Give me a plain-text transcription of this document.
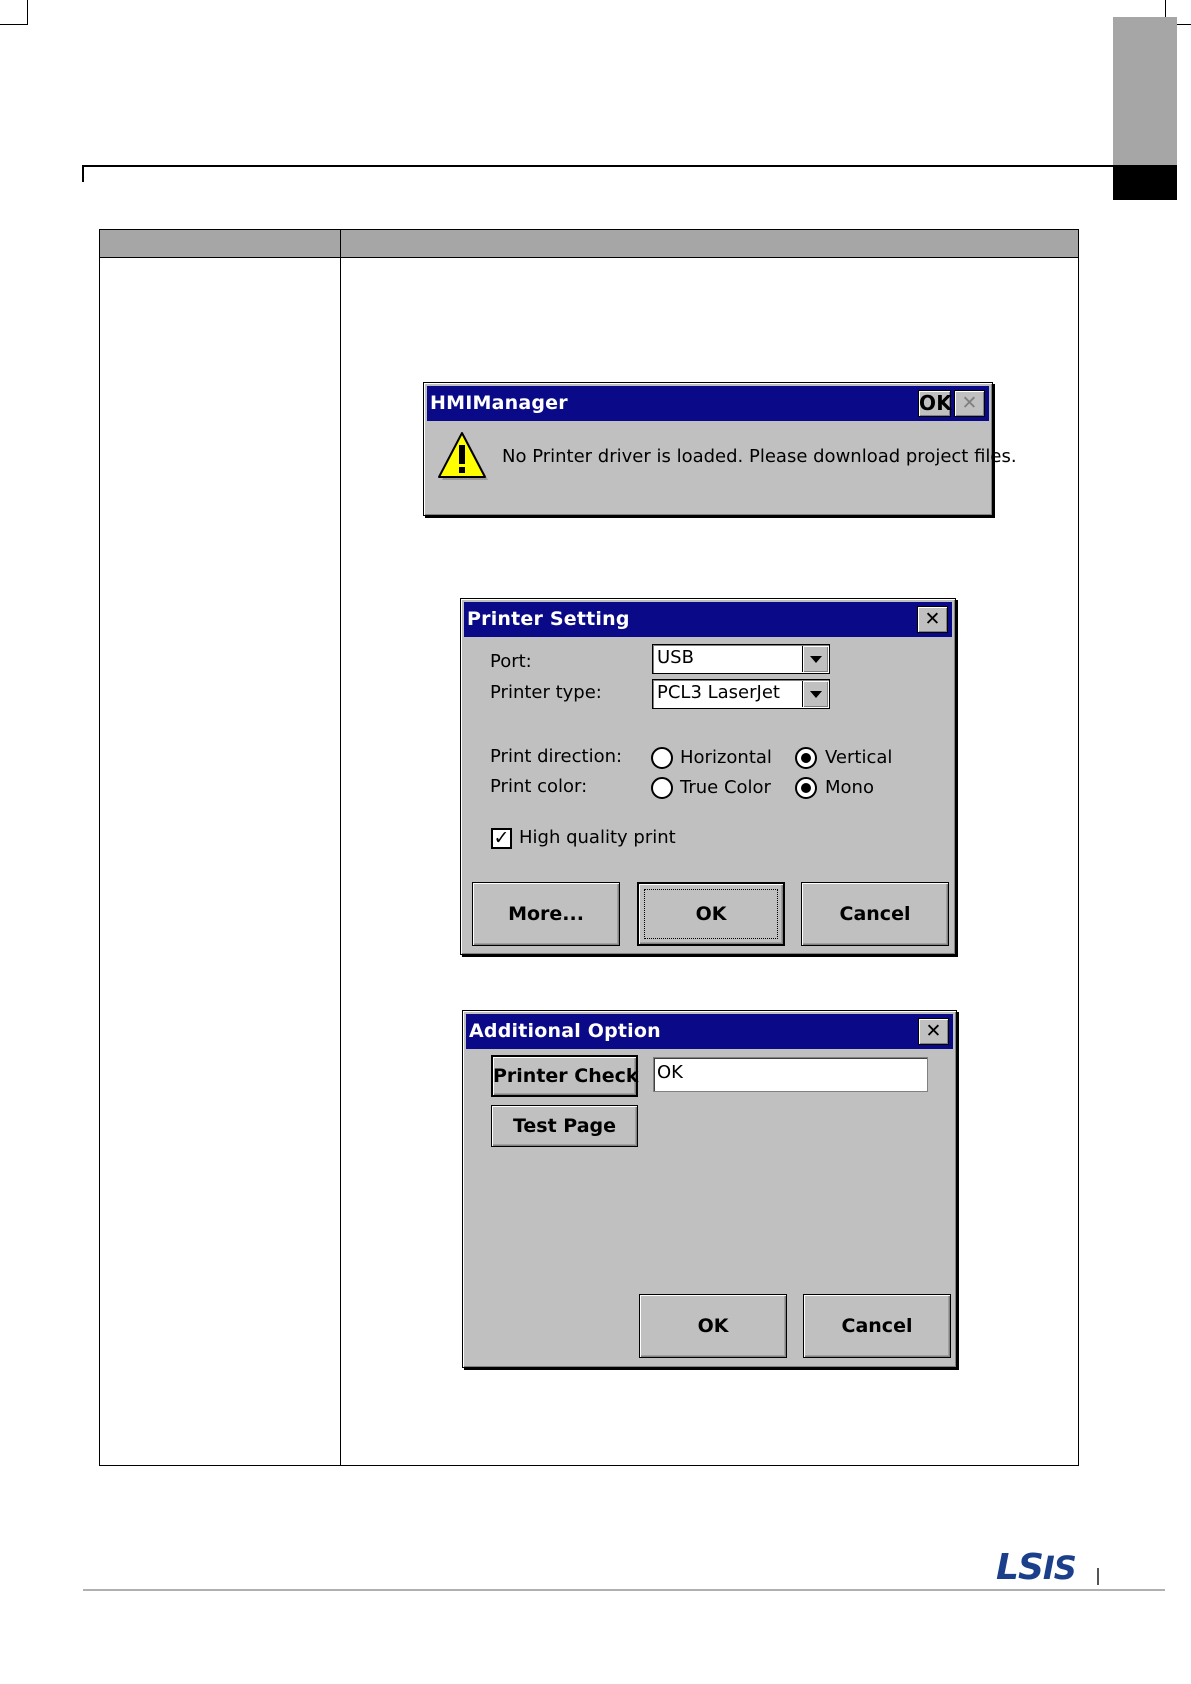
HMIManager	OK ✕
No Printer driver is loaded. Please download project files.
Printer Setting	✕
Port:	USB
Printer type:	PCL3 LaserJet
Print direction:	Horizontal	Vertical
Print color:	True Color	Mono
✓ High quality print
More...	OK	Cancel
Additional Option	✕
Printer Check OK
Test Page
OK	Cancel
LSIS
